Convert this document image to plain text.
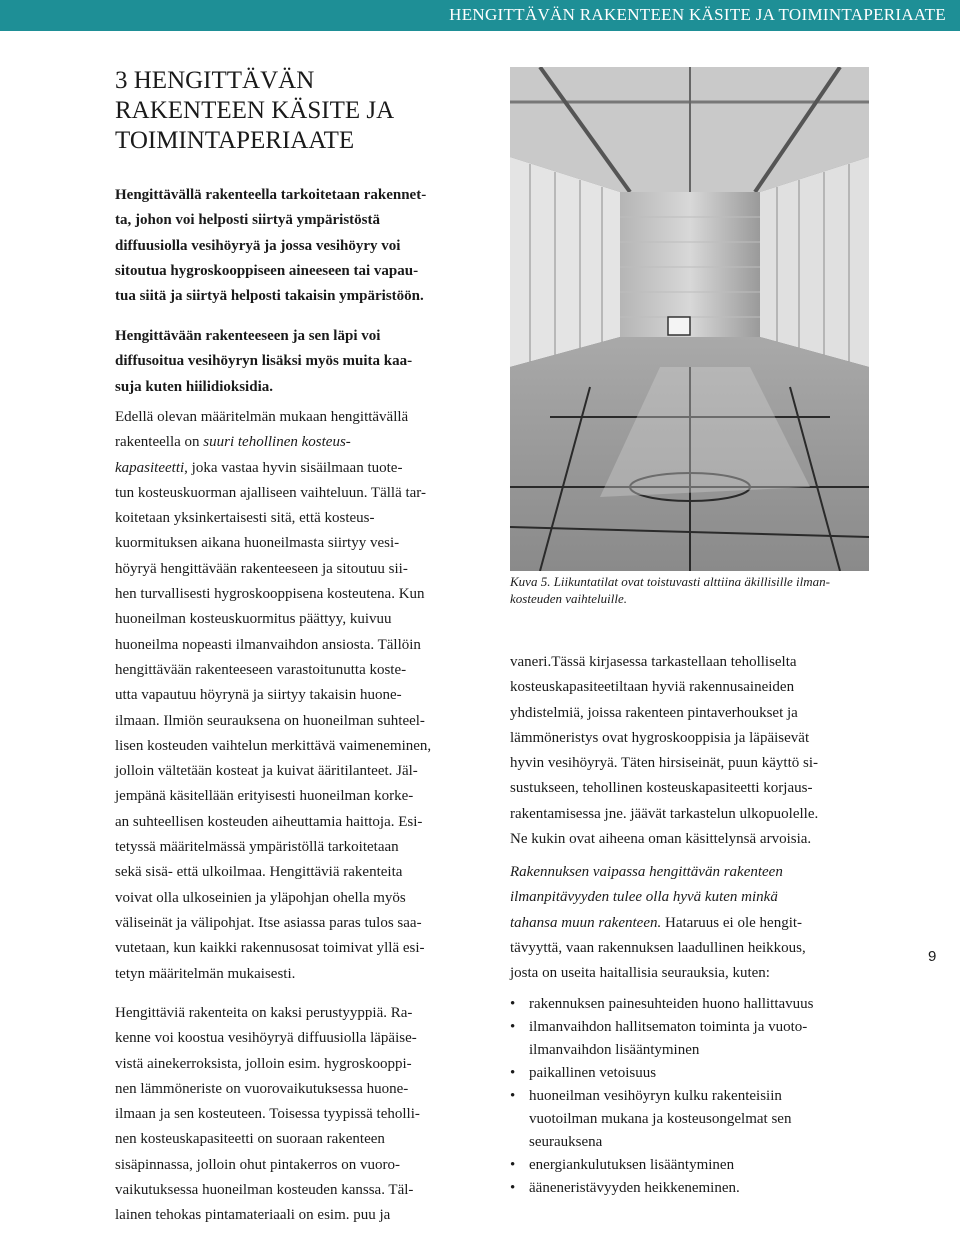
HENGITTÄVÄN RAKENTEEN KÄSITE JA TOIMINTAPERIAATE
3 HENGITTÄVÄN
RAKENTEEN KÄSITE JA
TOIMINTAPERIAATE

Hengittävällä rakenteella tarkoitetaan rakennet-
ta, johon voi helposti siirtyä ympäristöstä
diffuusiolla vesihöyryä ja jossa vesihöyry voi
sitoutua hygroskooppiseen aineeseen tai vapau-
tua siitä ja siirtyä helposti takaisin ympäristöön.

Hengittävään rakenteeseen ja sen läpi voi
diffusoitua vesihöyryn lisäksi myös muita kaa-
suja kuten hiilidioksidia.

Edellä olevan määritelmän mukaan hengittävällä
rakenteella on suuri tehollinen kosteus-
kapasiteetti, joka vastaa hyvin sisäilmaan tuote-
tun kosteuskuorman ajalliseen vaihteluun. Tällä tar-
koitetaan yksinkertaisesti sitä, että kosteus-
kuormituksen aikana huoneilmasta siirtyy vesi-
höyryä hengittävään rakenteeseen ja sitoutuu sii-
hen turvallisesti hygroskooppisena kosteutena. Kun
huoneilman kosteuskuormitus päättyy, kuivuu
huoneilma nopeasti ilmanvaihdon ansiosta. Tällöin
hengittävään rakenteeseen varastoitunutta koste-
utta vapautuu höyrynä ja siirtyy takaisin huone-
ilmaan. Ilmiön seurauksena on huoneilman suhteel-
lisen kosteuden vaihtelun merkittävä vaimeneminen,
jolloin vältetään kosteat ja kuivat ääritilanteet. Jäl-
jempänä käsitellään erityisesti huoneilman korke-
an suhteellisen kosteuden aiheuttamia haittoja. Esi-
tetyssä määritelmässä ympäristöllä tarkoitetaan
sekä sisä- että ulkoilmaa. Hengittäviä rakenteita
voivat olla ulkoseinien ja yläpohjan ohella myös
väliseinät ja välipohjat. Itse asiassa paras tulos saa-
vutetaan, kun kaikki rakennusosat toimivat yllä esi-
tetyn määritelmän mukaisesti.

Hengittäviä rakenteita on kaksi perustyyppiä. Ra-
kenne voi koostua vesihöyryä diffuusiolla läpäise-
vistä ainekerroksista, jolloin esim. hygroskooppi-
nen lämmöneriste on vuorovaikutuksessa huone-
ilmaan ja sen kosteuteen. Toisessa tyypissä teholli-
nen kosteuskapasiteetti on suoraan rakenteen
sisäpinnassa, jolloin ohut pintakerros on vuoro-
vaikutuksessa huoneilman kosteuden kanssa. Täl-
lainen tehokas pintamateriaali on esim. puu ja

Kuva 5. Liikuntatilat ovat toistuvasti alttiina äkillisille ilman-
kosteuden vaihteluille.

vaneri.Tässä kirjasessa tarkastellaan teholliselta
kosteuskapasiteetiltaan hyviä rakennusaineiden
yhdistelmiä, joissa rakenteen pintaverhoukset ja
lämmöneristys ovat hygroskooppisia ja läpäisevät
hyvin vesihöyryä. Täten hirsiseinät, puun käyttö si-
sustukseen, tehollinen kosteuskapasiteetti korjaus-
rakentamisessa jne. jäävät tarkastelun ulkopuolelle.
Ne kukin ovat aiheena oman käsittelynsä arvoisia.

Rakennuksen vaipassa hengittävän rakenteen
ilmanpitävyyden tulee olla hyvä kuten minkä
tahansa muun rakenteen. Hataruus ei ole hengit-
tävyyttä, vaan rakennuksen laadullinen heikkous,
josta on useita haitallisia seurauksia, kuten:

• rakennuksen painesuhteiden huono hallittavuus
• ilmanvaihdon hallitsematon toiminta ja vuoto-
ilmanvaihdon lisääntyminen
• paikallinen vetoisuus
• huoneilman vesihöyryn kulku rakenteisiin
vuotoilman mukana ja kosteusongelmat sen
seurauksena
• energiankulutuksen lisääntyminen
• ääneneristävyyden heikkeneminen.
9
